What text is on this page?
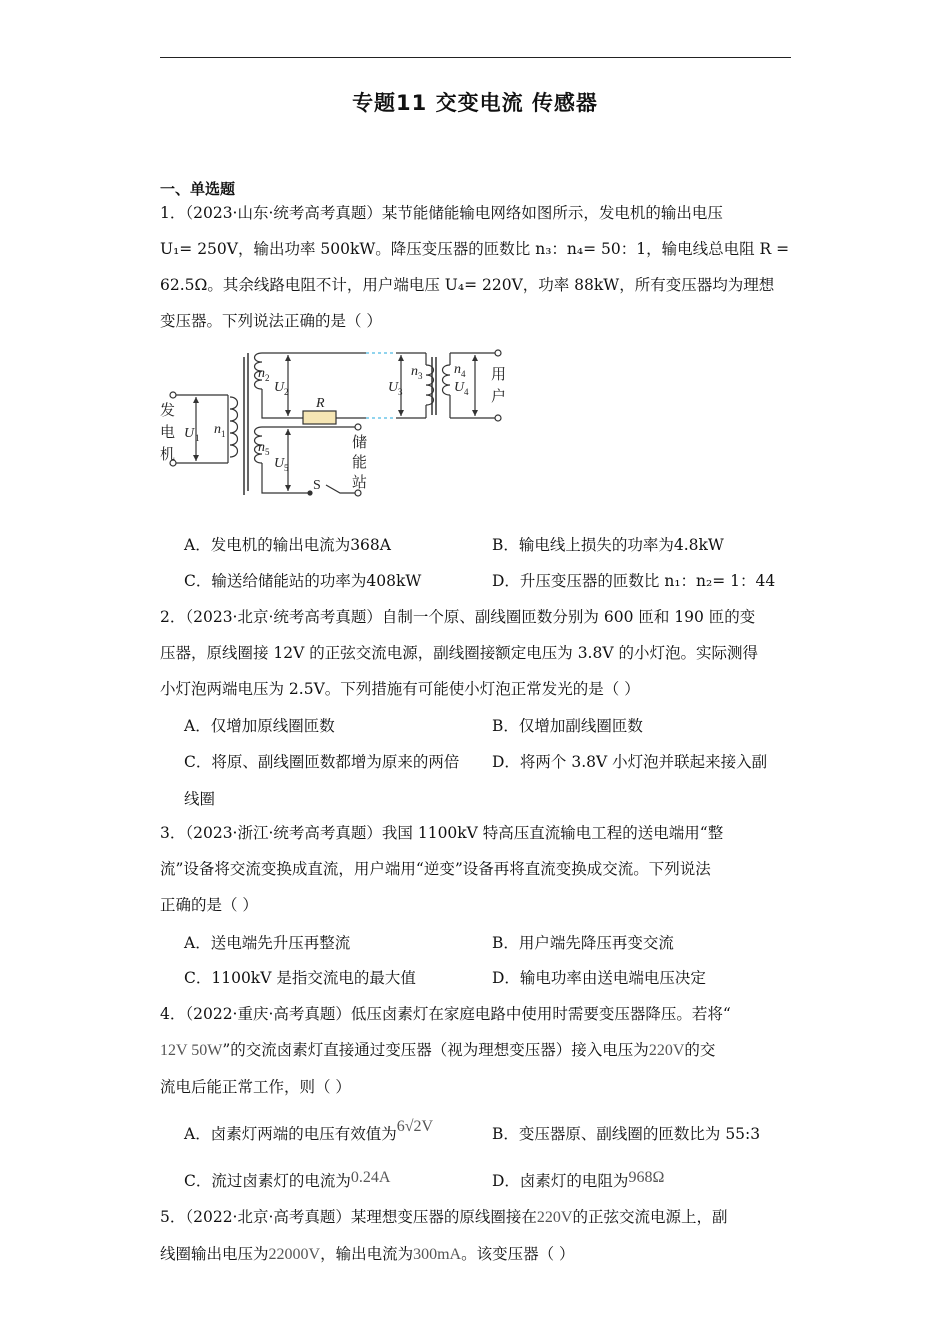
专题11 交变电流 传感器
一、单选题

1．（2023·山东·统考高考真题）某节能储能输电网络如图所示，发电机的输出电压

U₁= 250V，输出功率 500kW。降压变压器的匝数比 n₃：n₄= 50：1，输电线总电阻 R =

62.5Ω。其余线路电阻不计，用户端电压 U₄= 220V，功率 88kW，所有变压器均为理想

变压器。下列说法正确的是（ ）

发
电
机
用
户
储
能
站
U 1
n 1
n 2
U 2
R
n 5
U 5
S
n 3
U 3
n 4
U 4
A．发电机的输出电流为368A	B．输电线上损失的功率为4.8kW
C．输送给储能站的功率为408kW	D．升压变压器的匝数比 n₁：n₂= 1：44

2．（2023·北京·统考高考真题）自制一个原、副线圈匝数分别为 600 匝和 190 匝的变

压器，原线圈接 12V 的正弦交流电源，副线圈接额定电压为 3.8V 的小灯泡。实际测得

小灯泡两端电压为 2.5V。下列措施有可能使小灯泡正常发光的是（ ）

A．仅增加原线圈匝数	B．仅增加副线圈匝数
C．将原、副线圈匝数都增为原来的两倍 D．将两个 3.8V 小灯泡并联起来接入副
线圈

3．（2023·浙江·统考高考真题）我国 1100kV 特高压直流输电工程的送电端用“整

流”设备将交流变换成直流，用户端用“逆变”设备再将直流变换成交流。下列说法

正确的是（ ）

A．送电端先升压再整流	B．用户端先降压再变交流
C．1100kV 是指交流电的最大值	D．输电功率由送电端电压决定

4．（2022·重庆·高考真题）低压卤素灯在家庭电路中使用时需要变压器降压。若将“

12V 50W”的交流卤素灯直接通过变压器（视为理想变压器）接入电压为220V的交

流电后能正常工作，则（ ）

A．卤素灯两端的电压有效值为6√2V	B．变压器原、副线圈的匝数比为 55:3
C．流过卤素灯的电流为0.24A	D．卤素灯的电阻为968Ω

5．（2022·北京·高考真题）某理想变压器的原线圈接在220V的正弦交流电源上，副

线圈输出电压为22000V，输出电流为300mA。该变压器（ ）
